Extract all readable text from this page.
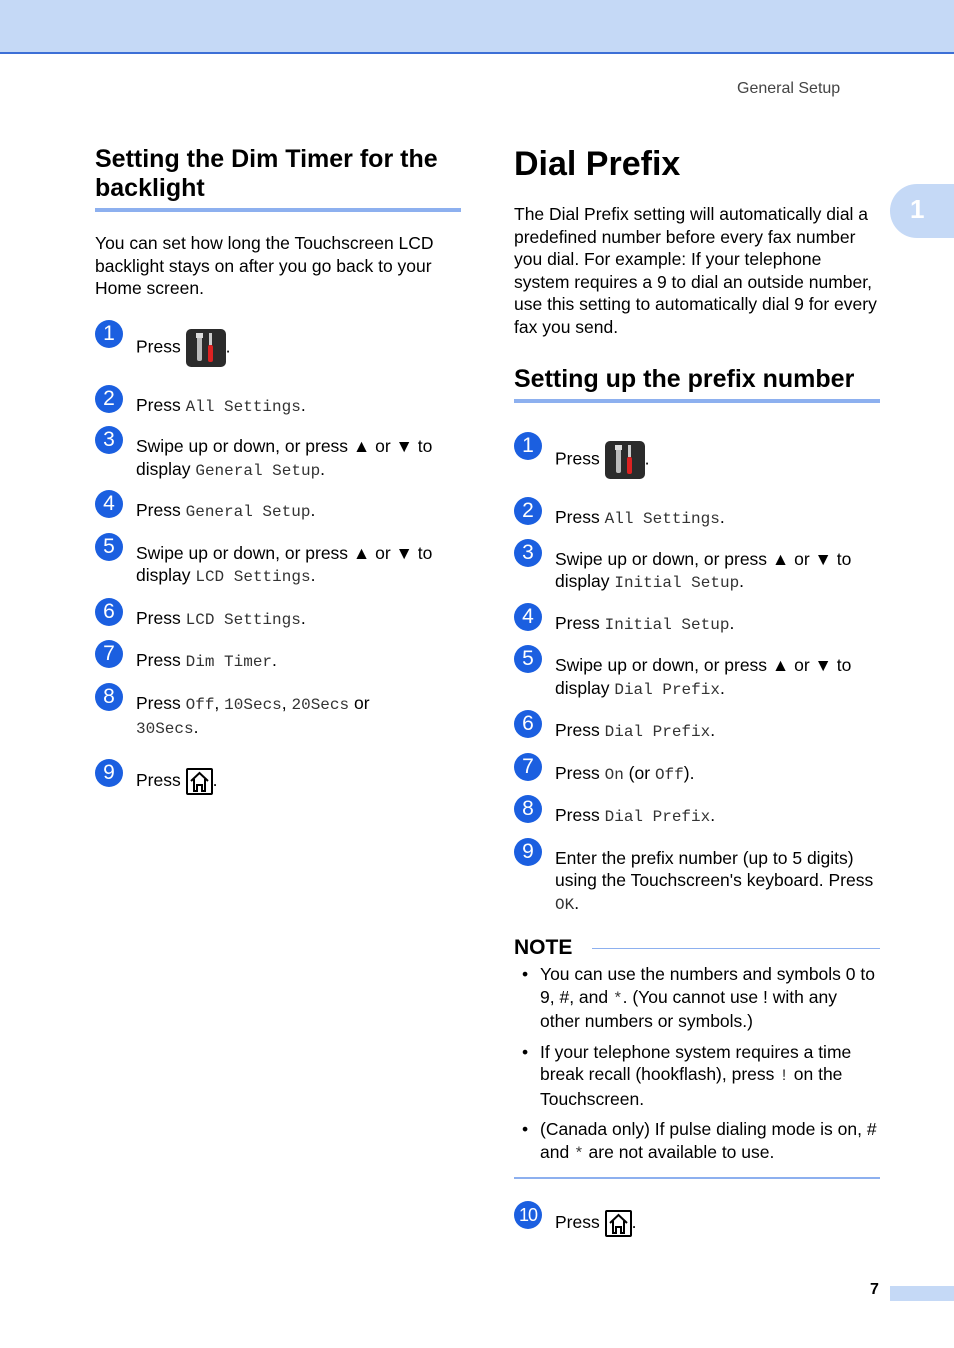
General Setup
1
Setting the Dim Timer for the backlight

You can set how long the Touchscreen LCD backlight stays on after you go back to your Home screen.

1
Press	.
2	Press All Settings.
3	Swipe up or down, or press ▲ or ▼ to display General Setup.
4	Press General Setup.
5	Swipe up or down, or press ▲ or ▼ to display LCD Settings.
6	Press LCD Settings.
7	Press Dim Timer.
8	Press Off, 10Secs, 20Secs or
30Secs.
9	Press .
Dial Prefix

The Dial Prefix setting will automatically dial a predefined number before every fax number you dial. For example: If your telephone system requires a 9 to dial an outside number, use this setting to automatically dial 9 for every fax you send.

Setting up the prefix number
1
Press	.
2	Press All Settings.
3	Swipe up or down, or press ▲ or ▼ to display Initial Setup.
4	Press Initial Setup.
5	Swipe up or down, or press ▲ or ▼ to display Dial Prefix.
6	Press Dial Prefix.
7	Press On (or Off).
8	Press Dial Prefix.
9	Enter the prefix number (up to 5 digits) using the Touchscreen's keyboard. Press OK.
NOTE
• You can use the numbers and symbols 0 to 9, #, and *. (You cannot use ! with any other numbers or symbols.)
• If your telephone system requires a time break recall (hookflash), press ! on the Touchscreen.
• (Canada only) If pulse dialing mode is on, # and * are not available to use.
10 Press .
7
